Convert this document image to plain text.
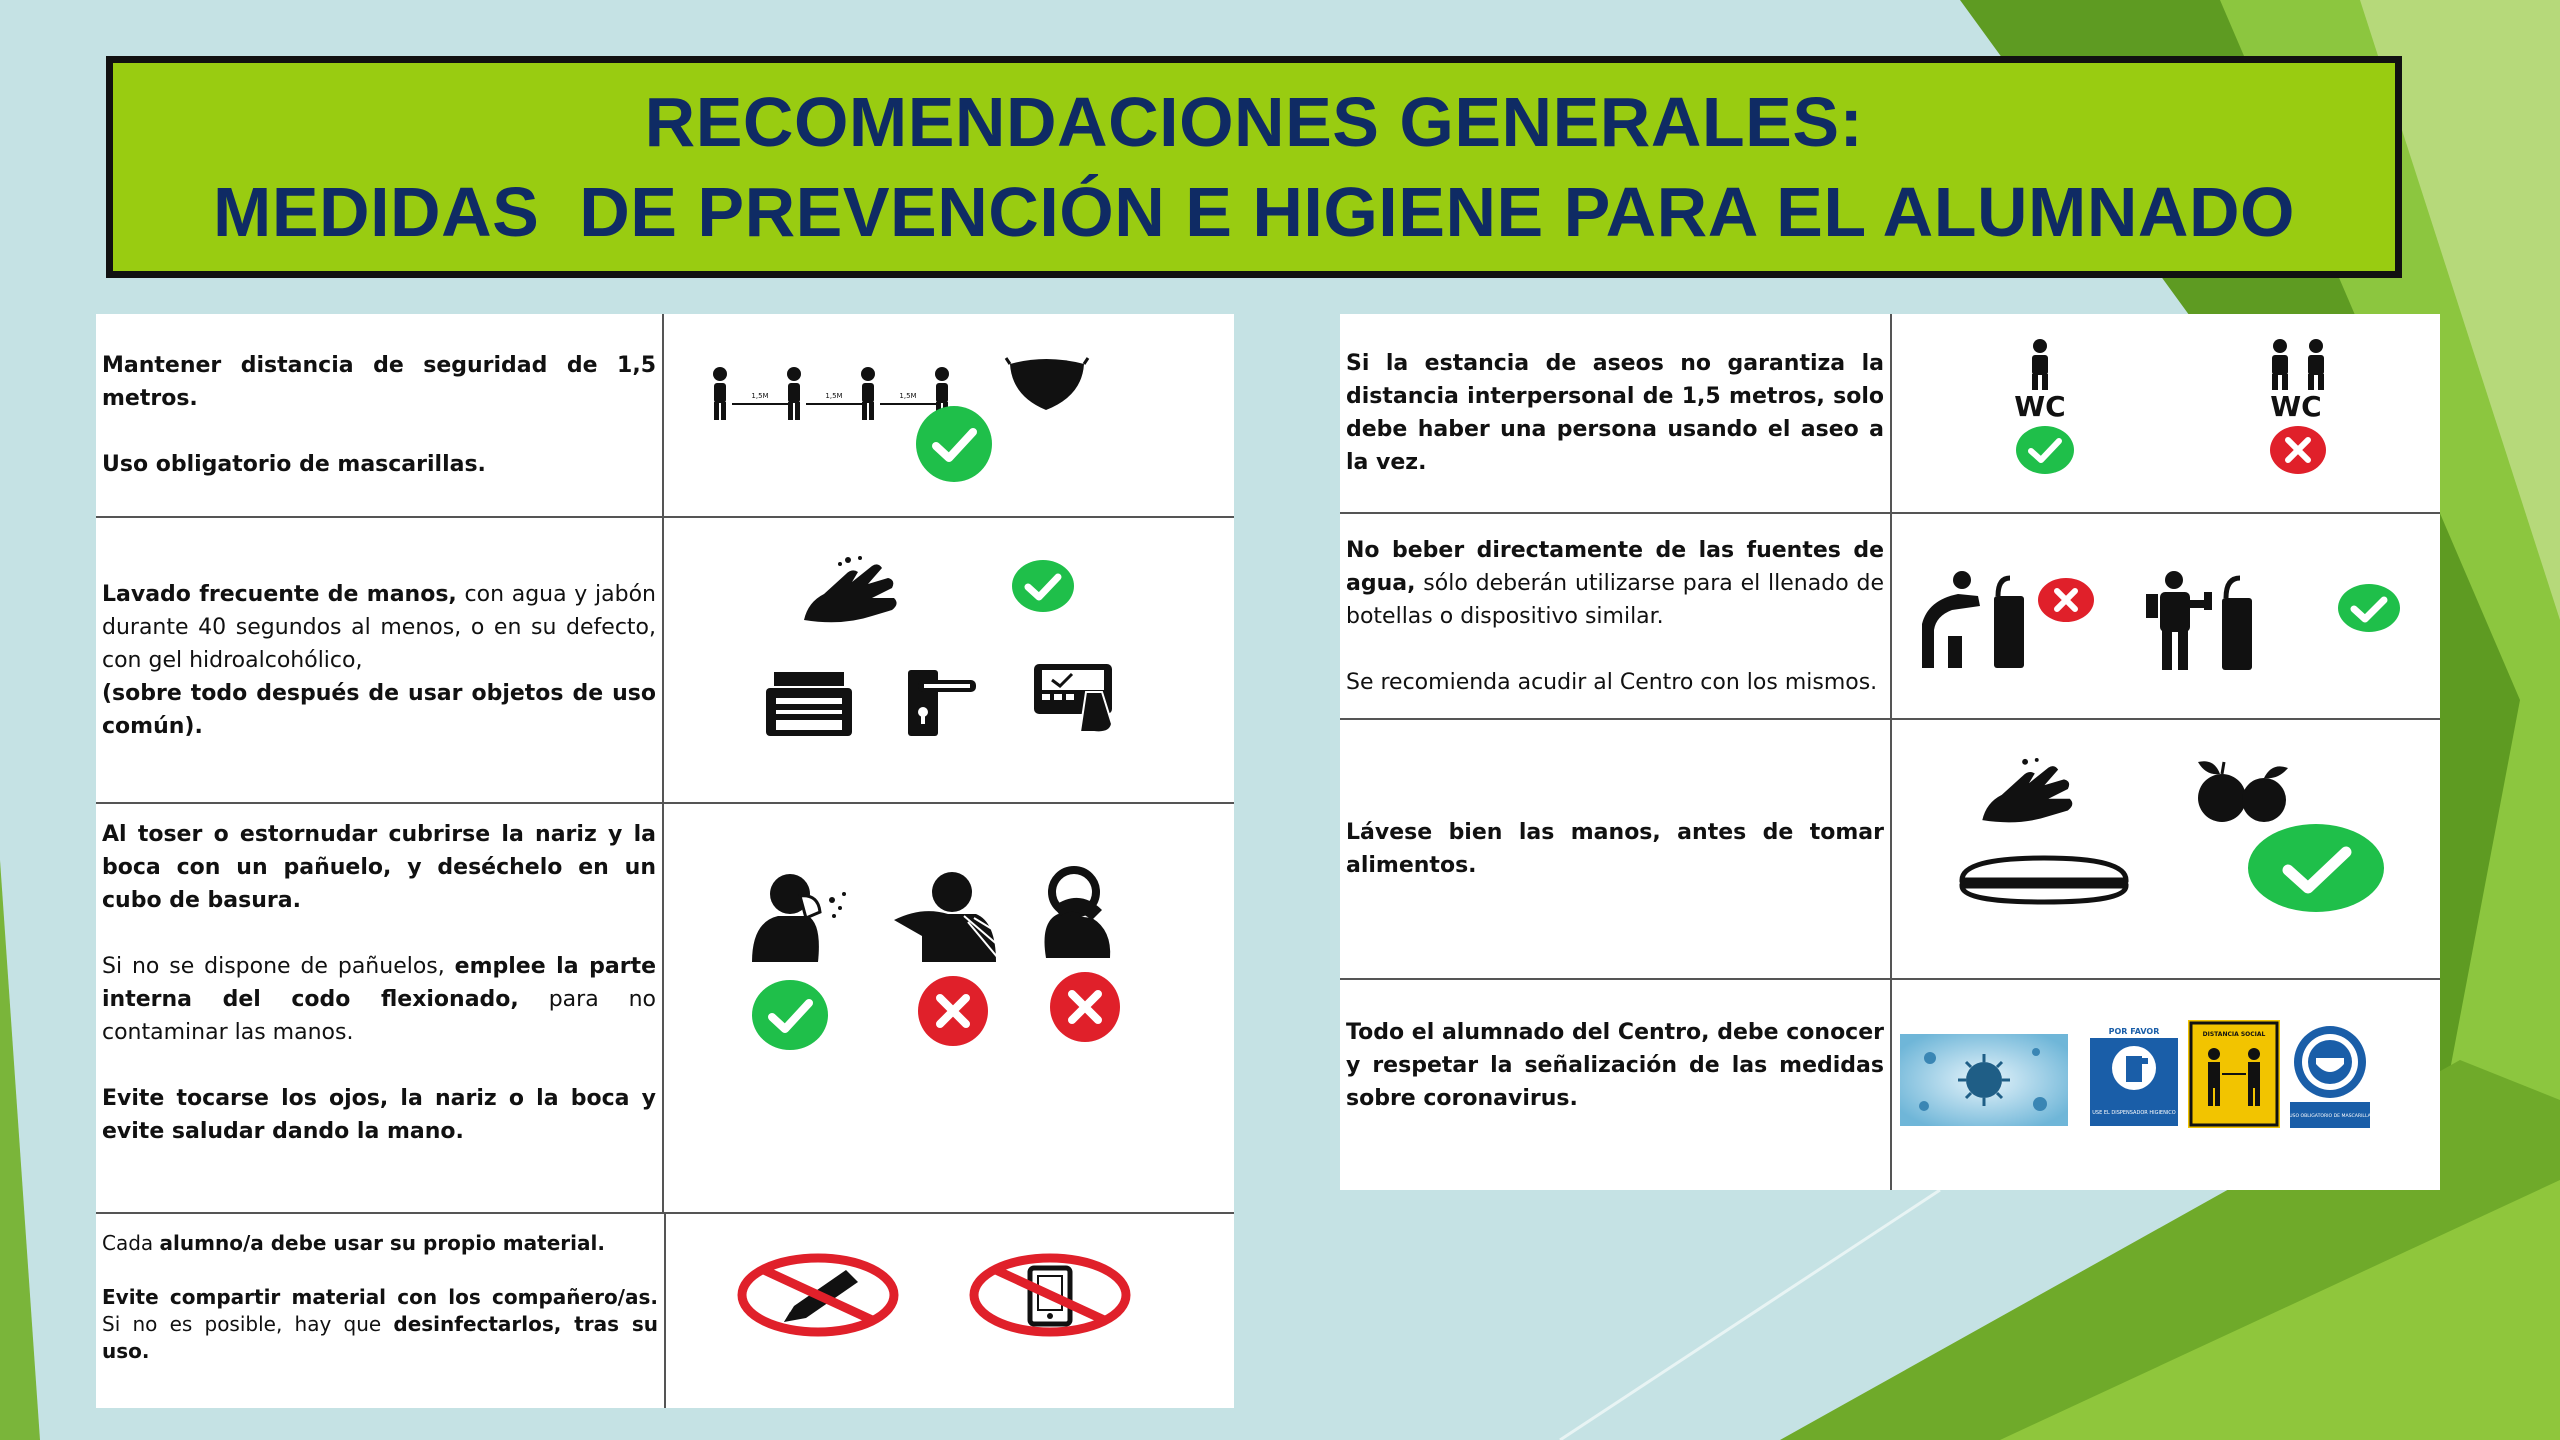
RECOMENDACIONES GENERALES:
MEDIDAS  DE PREVENCIÓN E HIGIENE PARA EL ALUMNADO

Mantener distancia de seguridad de 1,5 metros.

Uso obligatorio de mascarillas.

1,5M	1,5M	1,5M

Lavado frecuente de manos, con agua y jabón durante 40 segundos al menos, o en su defecto, con gel hidroalcohólico,
(sobre todo después de usar objetos de uso común).

Al toser o estornudar cubrirse la nariz y la boca con un pañuelo, y deséchelo en un cubo de basura.

Si no se dispone de pañuelos, emplee la parte interna del codo flexionado, para no contaminar las manos.

Evite tocarse los ojos, la nariz o la boca y evite saludar dando la mano.

Cada alumno/a debe usar su propio material.

Evite compartir material con los compañero/as. Si no es posible, hay que desinfectarlos, tras su uso.

Si la estancia de aseos no garantiza la distancia interpersonal de 1,5 metros, solo debe haber una persona usando el aseo a la vez.

WC	WC

No beber directamente de las fuentes de agua, sólo deberán utilizarse para el llenado de botellas o dispositivo similar.

Se recomienda acudir al Centro con los mismos.

Lávese bien las manos, antes de tomar alimentos.

Todo el alumnado del Centro, debe conocer y respetar la señalización de las medidas sobre coronavirus.

POR FAVOR
USE EL DISPENSADOR HIGIENICO
DISTANCIA SOCIAL
USO OBLIGATORIO DE MASCARILLA
